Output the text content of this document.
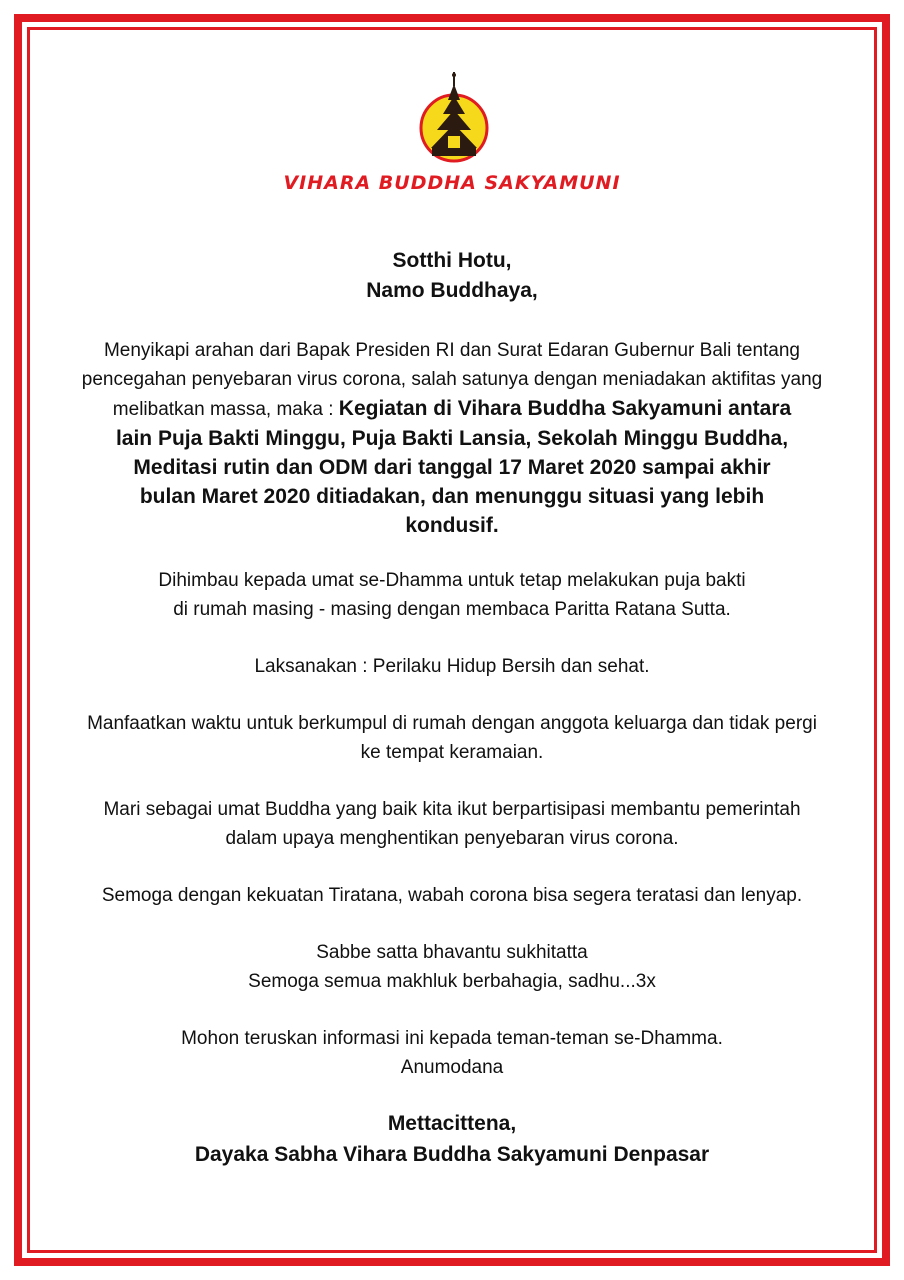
VIHARA BUDDHA SAKYAMUNI
Sotthi Hotu,
Namo Buddhaya,
Menyikapi arahan dari Bapak Presiden RI dan Surat Edaran Gubernur Bali tentang
pencegahan penyebaran virus corona, salah satunya dengan meniadakan aktifitas yang
melibatkan massa, maka : Kegiatan di Vihara Buddha Sakyamuni antara
lain Puja Bakti Minggu, Puja Bakti Lansia, Sekolah Minggu Buddha,
Meditasi rutin dan ODM dari tanggal 17 Maret 2020 sampai akhir
bulan Maret 2020 ditiadakan, dan menunggu situasi yang lebih
kondusif.
Dihimbau kepada umat se-Dhamma untuk tetap melakukan puja bakti
di rumah masing - masing dengan membaca Paritta Ratana Sutta.
Laksanakan : Perilaku Hidup Bersih dan sehat.
Manfaatkan waktu untuk berkumpul di rumah dengan anggota keluarga dan tidak pergi
ke tempat keramaian.
Mari sebagai umat Buddha yang baik kita ikut berpartisipasi membantu pemerintah
dalam upaya menghentikan penyebaran virus corona.
Semoga dengan kekuatan Tiratana, wabah corona bisa segera teratasi dan lenyap.
Sabbe satta bhavantu sukhitatta
Semoga semua makhluk berbahagia, sadhu...3x
Mohon teruskan informasi ini kepada teman-teman se-Dhamma.
Anumodana
Mettacittena,
Dayaka Sabha Vihara Buddha Sakyamuni Denpasar
